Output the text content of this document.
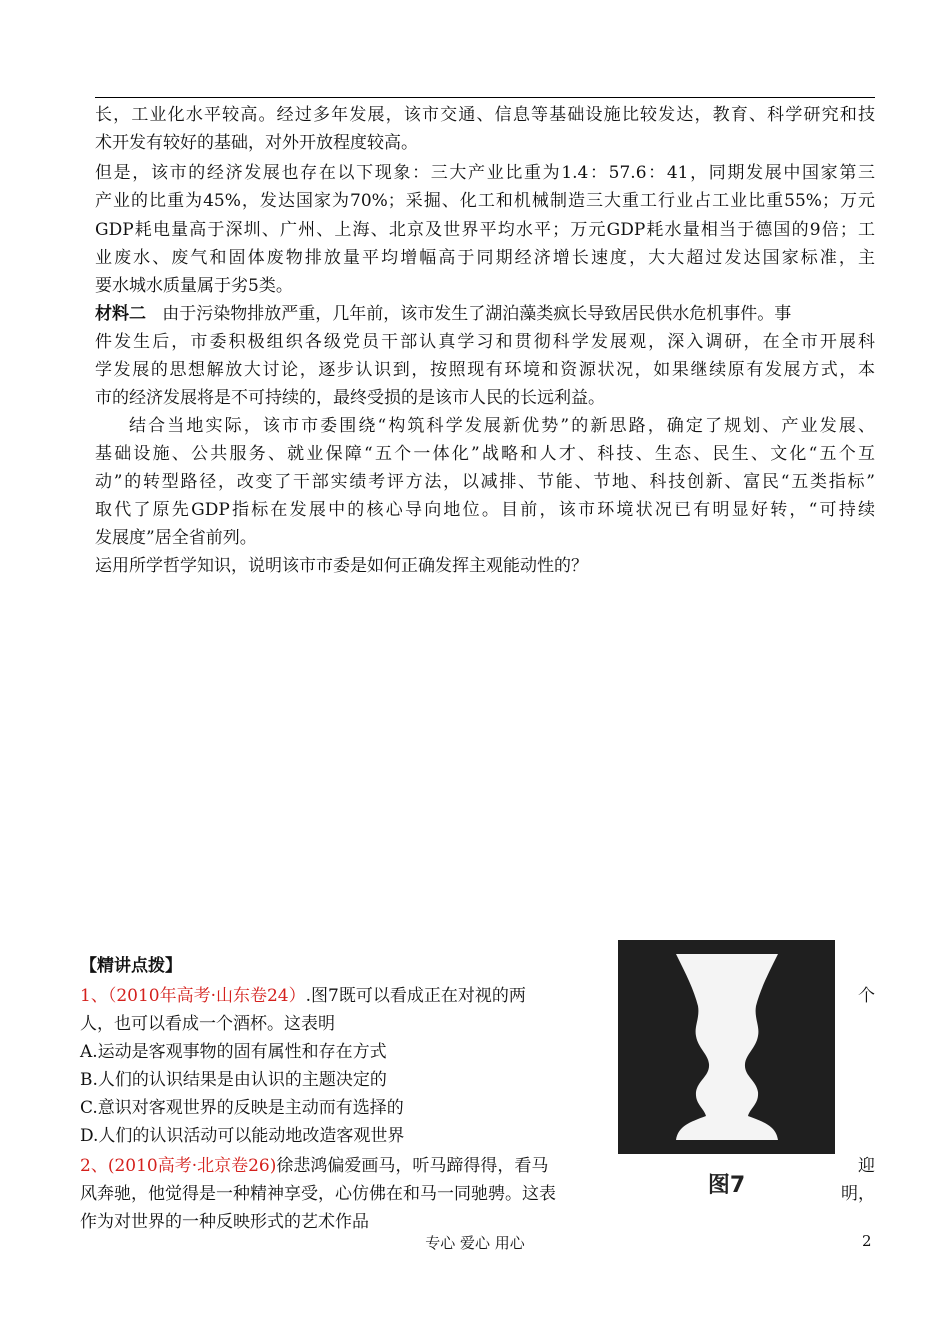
长，工业化水平较高。经过多年发展，该市交通、信息等基础设施比较发达，教育、科学研究和技
术开发有较好的基础，对外开放程度较高。
但是，该市的经济发展也存在以下现象：三大产业比重为1.4：57.6：41，同期发展中国家第三
产业的比重为45%，发达国家为70%；采掘、化工和机械制造三大重工行业占工业比重55%；万元
GDP耗电量高于深圳、广州、上海、北京及世界平均水平；万元GDP耗水量相当于德国的9倍；工
业废水、废气和固体废物排放量平均增幅高于同期经济增长速度，大大超过发达国家标准，主
要水城水质量属于劣5类。
材料二 由于污染物排放严重，几年前，该市发生了湖泊藻类疯长导致居民供水危机事件。事
件发生后，市委积极组织各级党员干部认真学习和贯彻科学发展观，深入调研，在全市开展科
学发展的思想解放大讨论，逐步认识到，按照现有环境和资源状况，如果继续原有发展方式，本
市的经济发展将是不可持续的，最终受损的是该市人民的长远利益。
结合当地实际，该市市委围绕“构筑科学发展新优势”的新思路，确定了规划、产业发展、
基础设施、公共服务、就业保障“五个一体化”战略和人才、科技、生态、民生、文化“五个互
动”的转型路径，改变了干部实绩考评方法，以减排、节能、节地、科技创新、富民“五类指标”
取代了原先GDP指标在发展中的核心导向地位。目前，该市环境状况已有明显好转，“可持续
发展度”居全省前列。
运用所学哲学知识，说明该市市委是如何正确发挥主观能动性的？
【精讲点拨】
1、（2010年高考·山东卷24）.图7既可以看成正在对视的两	个
人，也可以看成一个酒杯。这表明
A.运动是客观事物的固有属性和存在方式
B.人们的认识结果是由认识的主题决定的
C.意识对客观世界的反映是主动而有选择的
D.人们的认识活动可以能动地改造客观世界
2、(2010高考·北京卷26)徐悲鸿偏爱画马，听马蹄得得，看马	迎
风奔驰，他觉得是一种精神享受，心仿佛在和马一同驰骋。这表	明，
作为对世界的一种反映形式的艺术作品
图7
专心 爱心 用心	2
